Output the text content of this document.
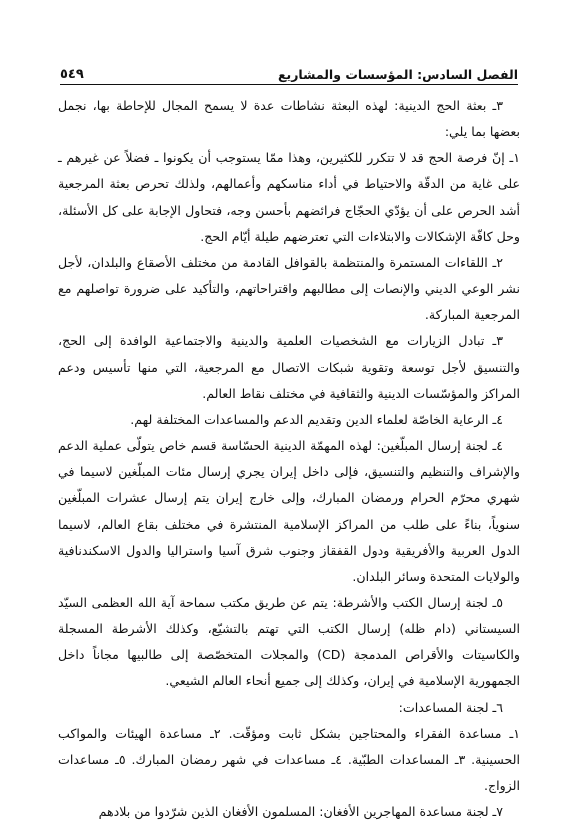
الفصل السادس: المؤسسات والمشاريع
٥٤٩

٣ـ بعثة الحج الدينية: لهذه البعثة نشاطات عدة لا يسمح المجال للإحاطة بها، نجمل بعضها بما يلي:

١ـ إنّ فرصة الحج قد لا تتكرر للكثيرين، وهذا ممّا يستوجب أن يكونوا ـ فضلاً عن غيرهم ـ على غاية من الدقّة والاحتياط في أداء مناسكهم وأعمالهم، ولذلك تحرص بعثة المرجعية أشد الحرص على أن يؤدّي الحجّاج فرائضهم بأحسن وجه، فتحاول الإجابة على كل الأسئلة، وحل كافّة الإشكالات والابتلاءات التي تعترضهم طيلة أيّام الحج.

٢ـ اللقاءات المستمرة والمنتظمة بالقوافل القادمة من مختلف الأصقاع والبلدان، لأجل نشر الوعي الديني والإنصات إلى مطالبهم واقتراحاتهم، والتأكيد على ضرورة تواصلهم مع المرجعية المباركة.

٣ـ تبادل الزيارات مع الشخصيات العلمية والدينية والاجتماعية الوافدة إلى الحج، والتنسيق لأجل توسعة وتقوية شبكات الاتصال مع المرجعية، التي منها تأسيس ودعم المراكز والمؤسّسات الدينية والثقافية في مختلف نقاط العالم.

٤ـ الرعاية الخاصّة لعلماء الدين وتقديم الدعم والمساعدات المختلفة لهم.

٤ـ لجنة إرسال المبلّغين: لهذه المهمّة الدينية الحسّاسة قسم خاص يتولّى عملية الدعم والإشراف والتنظيم والتنسيق، فإلى داخل إيران يجري إرسال مئات المبلّغين لاسيما في شهري محرّم الحرام ورمضان المبارك، وإلى خارج إيران يتم إرسال عشرات المبلّغين سنوياً، بناءً على طلب من المراكز الإسلامية المنتشرة في مختلف بقاع العالم، لاسيما الدول العربية والأفريقية ودول القفقاز وجنوب شرق آسيا واستراليا والدول الاسكندنافية والولايات المتحدة وسائر البلدان.

٥ـ لجنة إرسال الكتب والأشرطة: يتم عن طريق مكتب سماحة آية الله العظمى السيّد السيستاني (دام ظله) إرسال الكتب التي تهتم بالتشيّع، وكذلك الأشرطة المسجلة والكاسيتات والأقراص المدمجة (CD) والمجلات المتخصّصة إلى طالبيها مجاناً داخل الجمهورية الإسلامية في إيران، وكذلك إلى جميع أنحاء العالم الشيعي.

٦ـ لجنة المساعدات:

١ـ مساعدة الفقراء والمحتاجين بشكل ثابت ومؤقّت. ٢ـ مساعدة الهيئات والمواكب الحسينية. ٣ـ المساعدات الطبّية. ٤ـ مساعدات في شهر رمضان المبارك. ٥ـ مساعدات الزواج.

٧ـ لجنة مساعدة المهاجرين الأفغان: المسلمون الأفغان الذين شرّدوا من بلادهم
